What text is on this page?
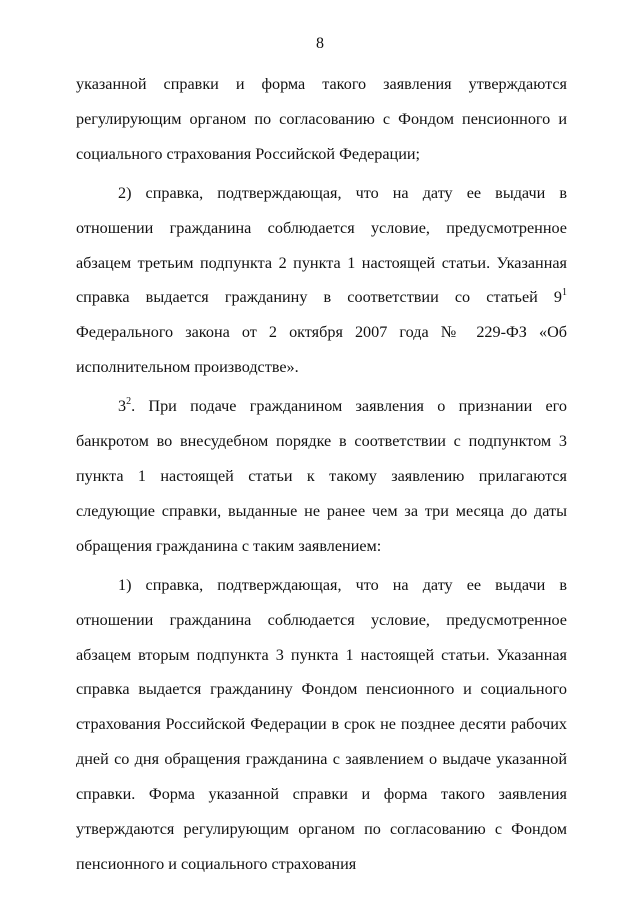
8

указанной справки и форма такого заявления утверждаются регулирующим органом по согласованию с Фондом пенсионного и социального страхования Российской Федерации;

2) справка, подтверждающая, что на дату ее выдачи в отношении гражданина соблюдается условие, предусмотренное абзацем третьим подпункта 2 пункта 1 настоящей статьи. Указанная справка выдается гражданину в соответствии со статьей $9^1$ Федерального закона от 2 октября 2007 года № 229-ФЗ «Об исполнительном производстве».

$3^2$. При подаче гражданином заявления о признании его банкротом во внесудебном порядке в соответствии с подпунктом 3 пункта 1 настоящей статьи к такому заявлению прилагаются следующие справки, выданные не ранее чем за три месяца до даты обращения гражданина с таким заявлением:

1) справка, подтверждающая, что на дату ее выдачи в отношении гражданина соблюдается условие, предусмотренное абзацем вторым подпункта 3 пункта 1 настоящей статьи. Указанная справка выдается гражданину Фондом пенсионного и социального страхования Российской Федерации в срок не позднее десяти рабочих дней со дня обращения гражданина с заявлением о выдаче указанной справки. Форма указанной справки и форма такого заявления утверждаются регулирующим органом по согласованию с Фондом пенсионного и социального страхования
